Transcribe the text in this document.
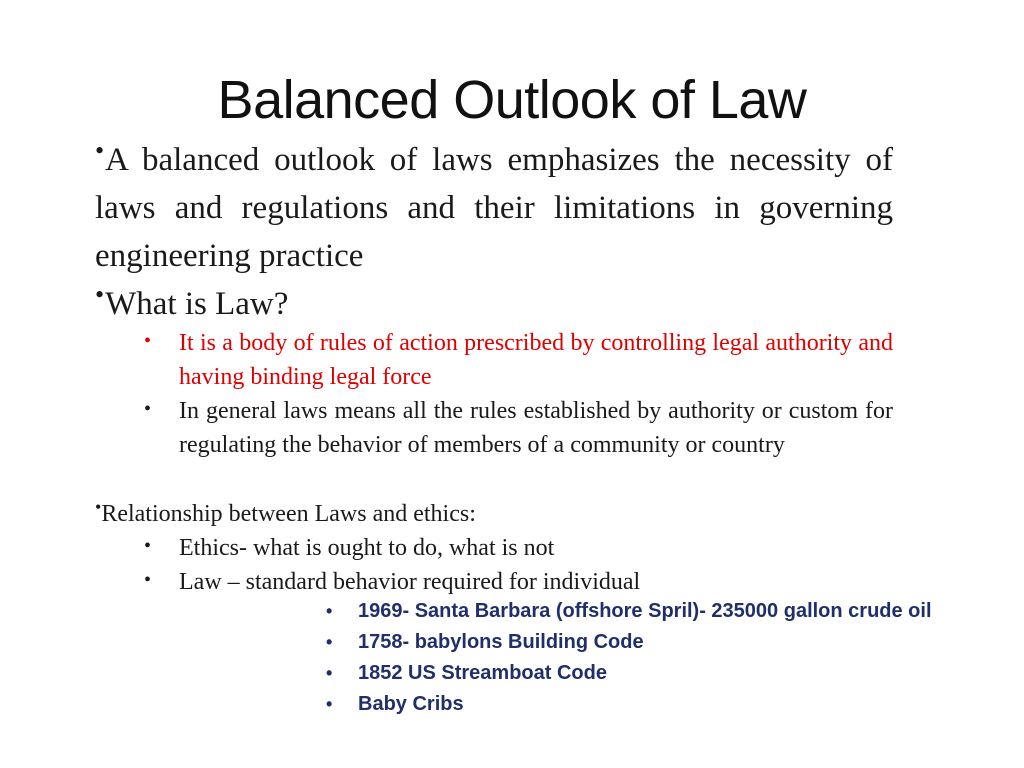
Balanced Outlook of Law
•A balanced outlook of laws emphasizes the necessity of laws and regulations and their limitations in governing engineering practice
•What is Law?
• It is a body of rules of action prescribed by controlling legal authority and having binding legal force
• In general laws means all the rules established by authority or custom for regulating the behavior of members of a community or country
•Relationship between Laws and ethics:
• Ethics- what is ought to do, what is not
• Law – standard behavior required for individual
• 1969- Santa Barbara (offshore Spril)- 235000 gallon crude oil
• 1758- babylons Building Code
• 1852 US Streamboat Code
• Baby Cribs
